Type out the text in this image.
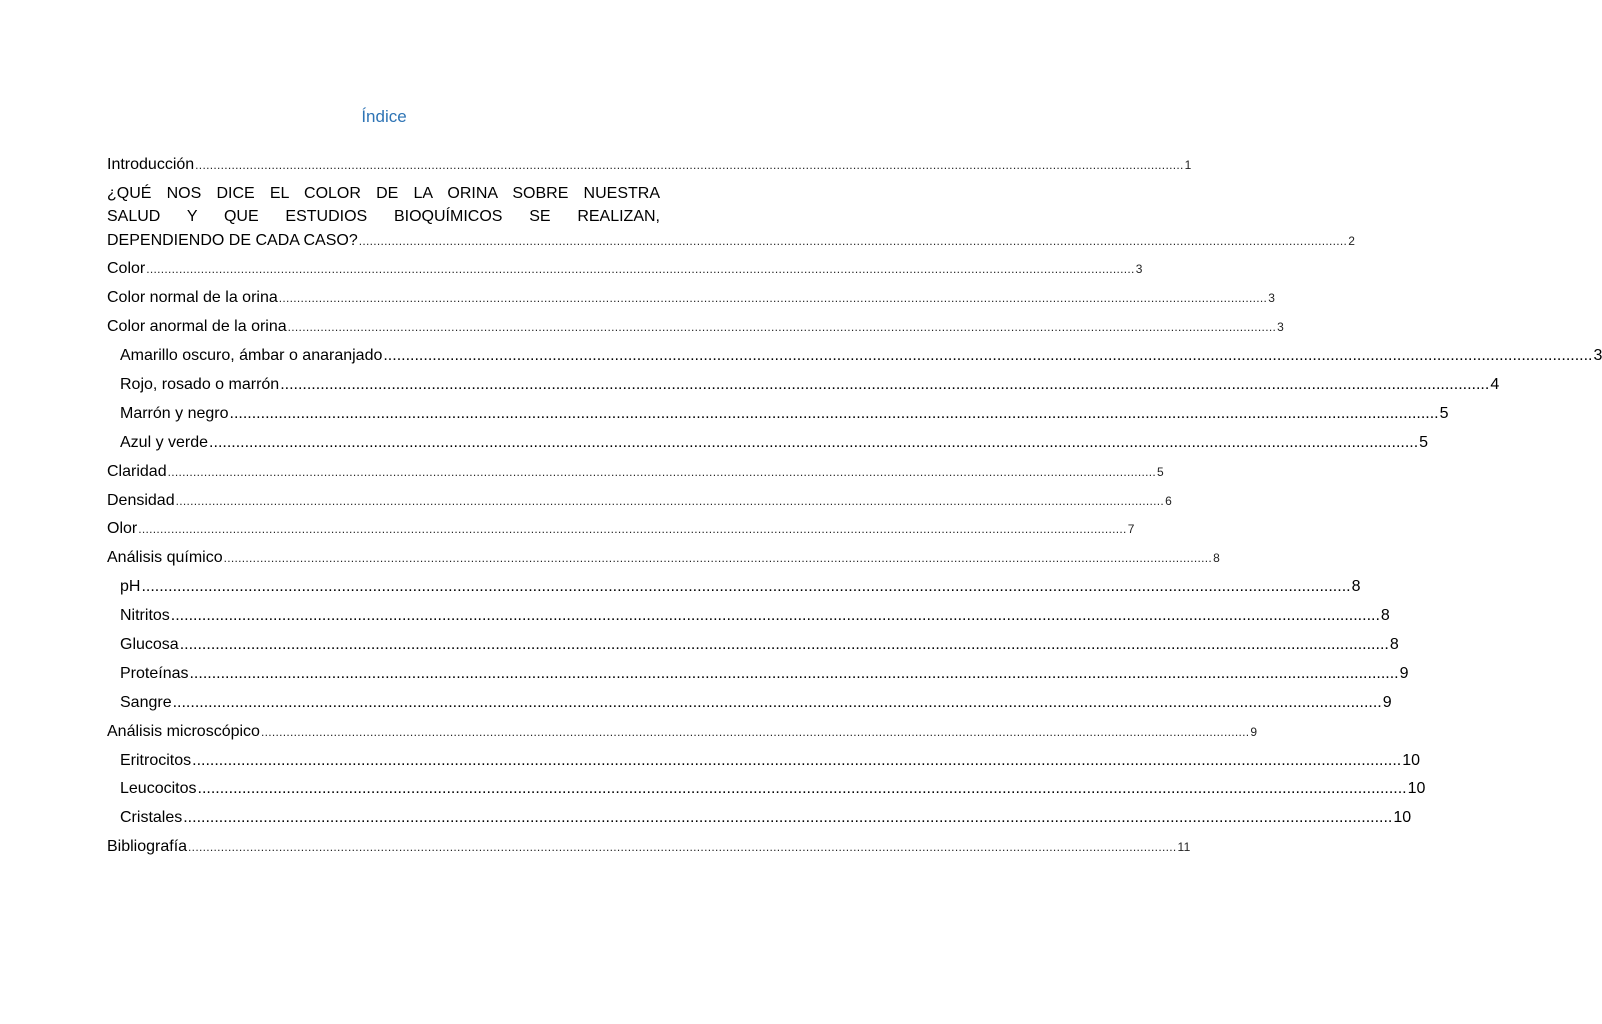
Índice
Introducción ................................................................................................................................................................................................................................................................................ 1
¿QUÉ NOS DICE EL COLOR DE LA ORINA SOBRE NUESTRA
SALUD Y QUE ESTUDIOS BIOQUÍMICOS SE REALIZAN,
DEPENDIENDO DE CADA CASO? ................................................................................................................................................................................................................................................................................ 2
Color ................................................................................................................................................................................................................................................................................ 3
Color normal de la orina ................................................................................................................................................................................................................................................................................ 3
Color anormal de la orina ................................................................................................................................................................................................................................................................................ 3
Amarillo oscuro, ámbar o anaranjado ................................................................................................................................................................................................................................................................................ 3
Rojo, rosado o marrón ................................................................................................................................................................................................................................................................................ 4
Marrón y negro ................................................................................................................................................................................................................................................................................ 5
Azul y verde ................................................................................................................................................................................................................................................................................ 5
Claridad ................................................................................................................................................................................................................................................................................ 5
Densidad ................................................................................................................................................................................................................................................................................ 6
Olor ................................................................................................................................................................................................................................................................................ 7
Análisis químico ................................................................................................................................................................................................................................................................................ 8
pH ................................................................................................................................................................................................................................................................................ 8
Nitritos ................................................................................................................................................................................................................................................................................ 8
Glucosa ................................................................................................................................................................................................................................................................................ 8
Proteínas ................................................................................................................................................................................................................................................................................ 9
Sangre ................................................................................................................................................................................................................................................................................ 9
Análisis microscópico ................................................................................................................................................................................................................................................................................ 9
Eritrocitos ................................................................................................................................................................................................................................................................................ 10
Leucocitos ................................................................................................................................................................................................................................................................................ 10
Cristales ................................................................................................................................................................................................................................................................................ 10
Bibliografía ................................................................................................................................................................................................................................................................................ 11
